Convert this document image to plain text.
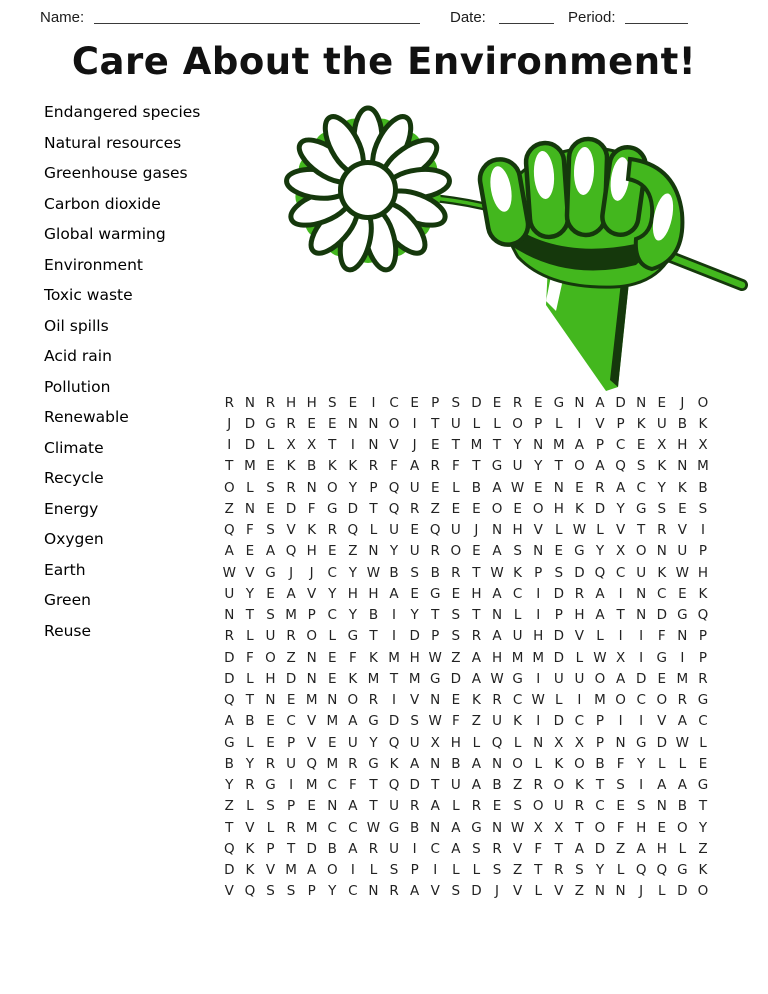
Name:	Date:	Period:
Care About the Environment!
Endangered species
Natural resources
Greenhouse gases
Carbon dioxide
Global warming
Environment
Toxic waste
Oil spills
Acid rain
Pollution
Renewable
Climate
Recycle
Energy
Oxygen
Earth
Green
Reuse
R N R H H S E	I	C E P S D E R E G N A D N E	J O
J D G R E E N N O I	T U L L O P L	I	V P K U B K
I D L X X T	I	N V	J	E T M T Y N M A P C E X H X
T M E K B K K R F A R F T G U Y T O A Q S K N M
O L S R N O Y P Q U E L B A W E N E R A C Y K B
Z N E D F G D T Q R Z E E O E O H K D Y G S E S
Q F S V K R Q L U E Q U	J	N H V L W L V T R V	I
A E A Q H E Z N Y U R O E A S N E G Y X O N U P
W V G J	J	C Y W B S B R T W K P S D Q C U K W H
U Y E A V Y H H A E G E H A C	I D R A	I	N C E K
N T S M P C Y B	I	Y T S T N L	I	P H A T N D G Q
R L U R O L G T	I D P S R A U H D V L	I	I	F N P
D F O Z N E F K M H W Z A H M M D L W X	I G I	P
D L H D N E K M T M G D A W G I	U U O A D E M R
Q T N E M N O R	I	V N E K R C W L	I M O C O R G
A B E C V M A G D S W F Z U K	I D C P	I	I	V A C
G L E P V E U Y Q U X H L Q L N X X P N G D W L
B Y R U Q M R G K A N B A N O L K O B F Y L L E
Y R G I M C F T Q D T U A B Z R O K T S	I	A A G
Z L S P E N A T U R A L R E S O U R C E S N B T
T V L R M C C W G B N A G N W X X T O F H E O Y
Q K P T D B A R U	I	C A S R V F T A D Z A H L Z
D K V M A O I	L S P	I	L L S Z T R S Y L Q Q G K
V Q S S P Y C N R A V S D J	V L V Z N N	J	L D O
